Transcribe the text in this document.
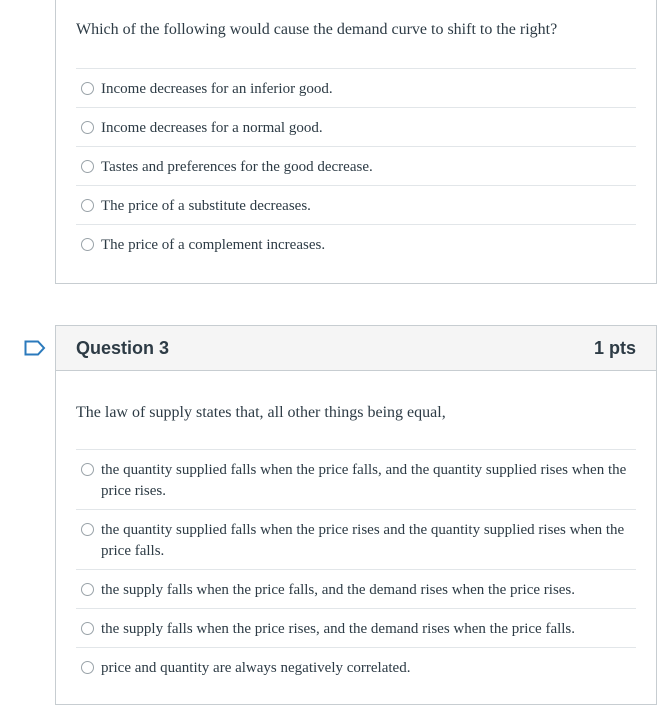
Which of the following would cause the demand curve to shift to the right?
Income decreases for an inferior good.
Income decreases for a normal good.
Tastes and preferences for the good decrease.
The price of a substitute decreases.
The price of a complement increases.
Question 3	1 pts
The law of supply states that, all other things being equal,
the quantity supplied falls when the price falls, and the quantity supplied rises when the price rises.
the quantity supplied falls when the price rises and the quantity supplied rises when the price falls.
the supply falls when the price falls, and the demand rises when the price rises.
the supply falls when the price rises, and the demand rises when the price falls.
price and quantity are always negatively correlated.
